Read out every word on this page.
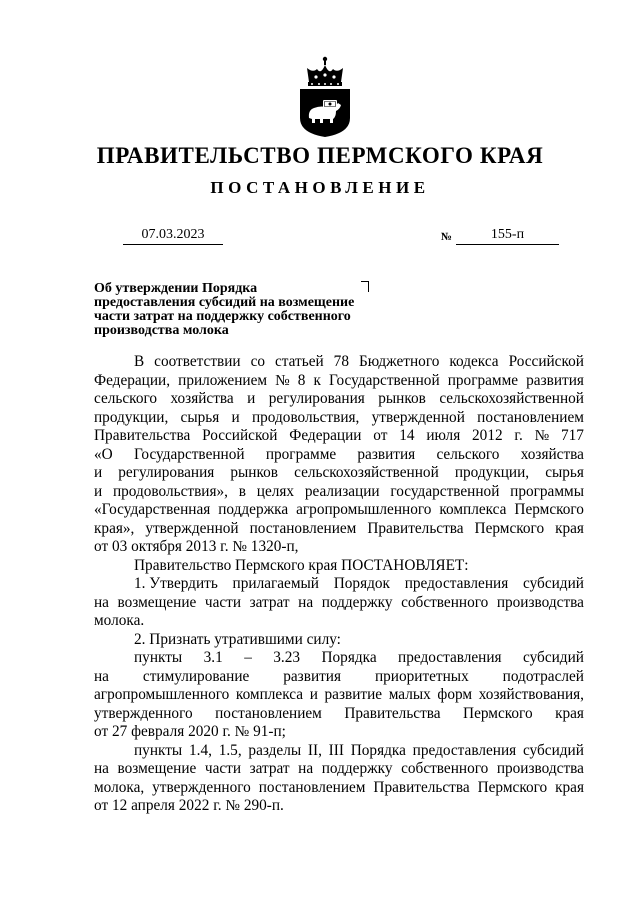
ПРАВИТЕЛЬСТВО ПЕРМСКОГО КРАЯ
ПОСТАНОВЛЕНИЕ
07.03.2023	№	155-п
Об утверждении Порядка
предоставления субсидий на возмещение
части затрат на поддержку собственного
производства молока
В соответствии со статьей 78 Бюджетного кодекса Российской
Федерации, приложением № 8 к Государственной программе развития
сельского хозяйства и регулирования рынков сельскохозяйственной
продукции, сырья и продовольствия, утвержденной постановлением
Правительства Российской Федерации от 14 июля 2012 г. № 717
«О Государственной программе развития сельского хозяйства
и регулирования рынков сельскохозяйственной продукции, сырья
и продовольствия», в целях реализации государственной программы
«Государственная поддержка агропромышленного комплекса Пермского
края», утвержденной постановлением Правительства Пермского края
от 03 октября 2013 г. № 1320-п,
Правительство Пермского края ПОСТАНОВЛЯЕТ:
1. Утвердить прилагаемый Порядок предоставления субсидий
на возмещение части затрат на поддержку собственного производства
молока.
2. Признать утратившими силу:
пункты 3.1 – 3.23 Порядка предоставления субсидий
на стимулирование развития приоритетных подотраслей
агропромышленного комплекса и развитие малых форм хозяйствования,
утвержденного постановлением Правительства Пермского края
от 27 февраля 2020 г. № 91-п;
пункты 1.4, 1.5, разделы II, III Порядка предоставления субсидий
на возмещение части затрат на поддержку собственного производства
молока, утвержденного постановлением Правительства Пермского края
от 12 апреля 2022 г. № 290-п.
